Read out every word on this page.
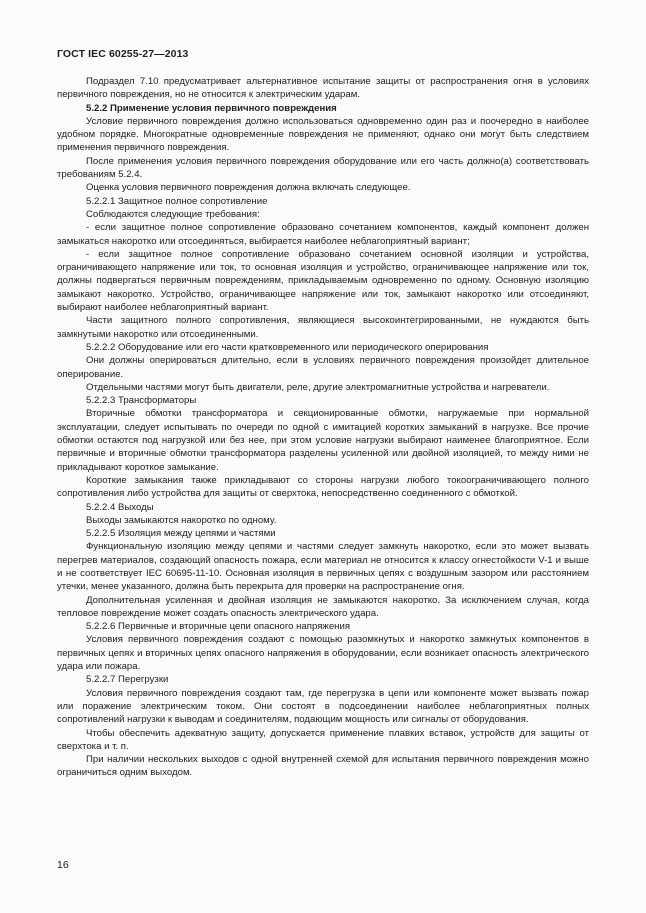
ГОСТ IEC 60255-27—2013

Подраздел 7.10 предусматривает альтернативное испытание защиты от распространения огня в условиях первичного повреждения, но не относится к электрическим ударам.

5.2.2 Применение условия первичного повреждения

Условие первичного повреждения должно использоваться одновременно один раз и поочередно в наиболее удобном порядке. Многократные одновременные повреждения не применяют, однако они могут быть следствием применения первичного повреждения.

После применения условия первичного повреждения оборудование или его часть должно(а) соответствовать требованиям 5.2.4.

Оценка условия первичного повреждения должна включать следующее.

5.2.2.1 Защитное полное сопротивление

Соблюдаются следующие требования:

- если защитное полное сопротивление образовано сочетанием компонентов, каждый компонент должен замыкаться накоротко или отсоединяться, выбирается наиболее неблагоприятный вариант;

- если защитное полное сопротивление образовано сочетанием основной изоляции и устройства, ограничивающего напряжение или ток, то основная изоляция и устройство, ограничивающее напряжение или ток, должны подвергаться первичным повреждениям, прикладываемым одновременно по одному. Основную изоляцию замыкают накоротко. Устройство, ограничивающее напряжение или ток, замыкают накоротко или отсоединяют, выбирают наиболее неблагоприятный вариант.

Части защитного полного сопротивления, являющиеся высокоинтегрированными, не нуждаются быть замкнутыми накоротко или отсоединенными.

5.2.2.2 Оборудование или его части кратковременного или периодического оперирования

Они должны оперироваться длительно, если в условиях первичного повреждения произойдет длительное оперирование.

Отдельными частями могут быть двигатели, реле, другие электромагнитные устройства и нагреватели.

5.2.2.3 Трансформаторы

Вторичные обмотки трансформатора и секционированные обмотки, нагружаемые при нормальной эксплуатации, следует испытывать по очереди по одной с имитацией коротких замыканий в нагрузке. Все прочие обмотки остаются под нагрузкой или без нее, при этом условие нагрузки выбирают наименее благоприятное. Если первичные и вторичные обмотки трансформатора разделены усиленной или двойной изоляцией, то между ними не прикладывают короткое замыкание.

Короткие замыкания также прикладывают со стороны нагрузки любого токоограничивающего полного сопротивления либо устройства для защиты от сверхтока, непосредственно соединенного с обмоткой.

5.2.2.4 Выходы

Выходы замыкаются накоротко по одному.

5.2.2.5 Изоляция между цепями и частями

Функциональную изоляцию между цепями и частями следует замкнуть накоротко, если это может вызвать перегрев материалов, создающий опасность пожара, если материал не относится к классу огнестойкости V-1 и выше и не соответствует IEC 60695-11-10. Основная изоляция в первичных цепях с воздушным зазором или расстоянием утечки, менее указанного, должна быть перекрыта для проверки на распространение огня.

Дополнительная усиленная и двойная изоляция не замыкаются накоротко. За исключением случая, когда тепловое повреждение может создать опасность электрического удара.

5.2.2.6 Первичные и вторичные цепи опасного напряжения

Условия первичного повреждения создают с помощью разомкнутых и накоротко замкнутых компонентов в первичных цепях и вторичных цепях опасного напряжения в оборудовании, если возникает опасность электрического удара или пожара.

5.2.2.7 Перегрузки

Условия первичного повреждения создают там, где перегрузка в цепи или компоненте может вызвать пожар или поражение электрическим током. Они состоят в подсоединении наиболее неблагоприятных полных сопротивлений нагрузки к выводам и соединителям, подающим мощность или сигналы от оборудования.

Чтобы обеспечить адекватную защиту, допускается применение плавких вставок, устройств для защиты от сверхтока и т. п.

При наличии нескольких выходов с одной внутренней схемой для испытания первичного повреждения можно ограничиться одним выходом.

16
